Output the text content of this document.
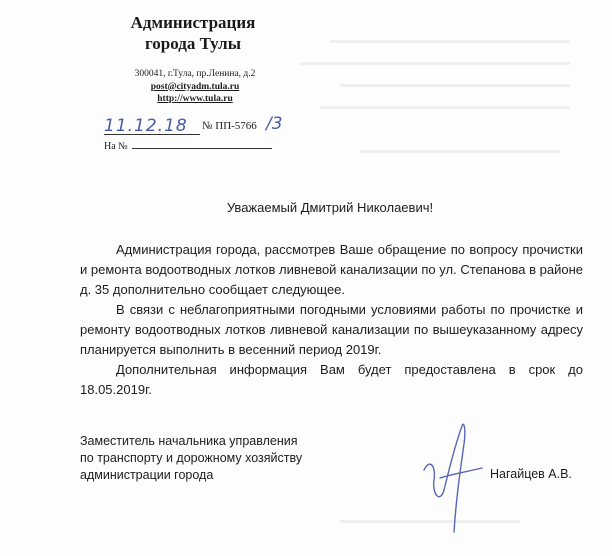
Администрация
города Тулы
300041, г.Тула, пр.Ленина, д.2
post@cityadm.tula.ru
http://www.tula.ru
11.12.18 № ПП-5766 /3
На №
Уважаемый Дмитрий Николаевич!
Администрация города, рассмотрев Ваше обращение по вопросу прочистки и ремонта водоотводных лотков ливневой канализации по ул. Степанова в районе д. 35 дополнительно сообщает следующее.
В связи с неблагоприятными погодными условиями работы по прочистке и ремонту водоотводных лотков ливневой канализации по вышеуказанному адресу планируется выполнить в весенний период 2019г.
Дополнительная информация Вам будет предоставлена в срок до 18.05.2019г.
Заместитель начальника управления
по транспорту и дорожному хозяйству
администрации города	Нагайцев А.В.
